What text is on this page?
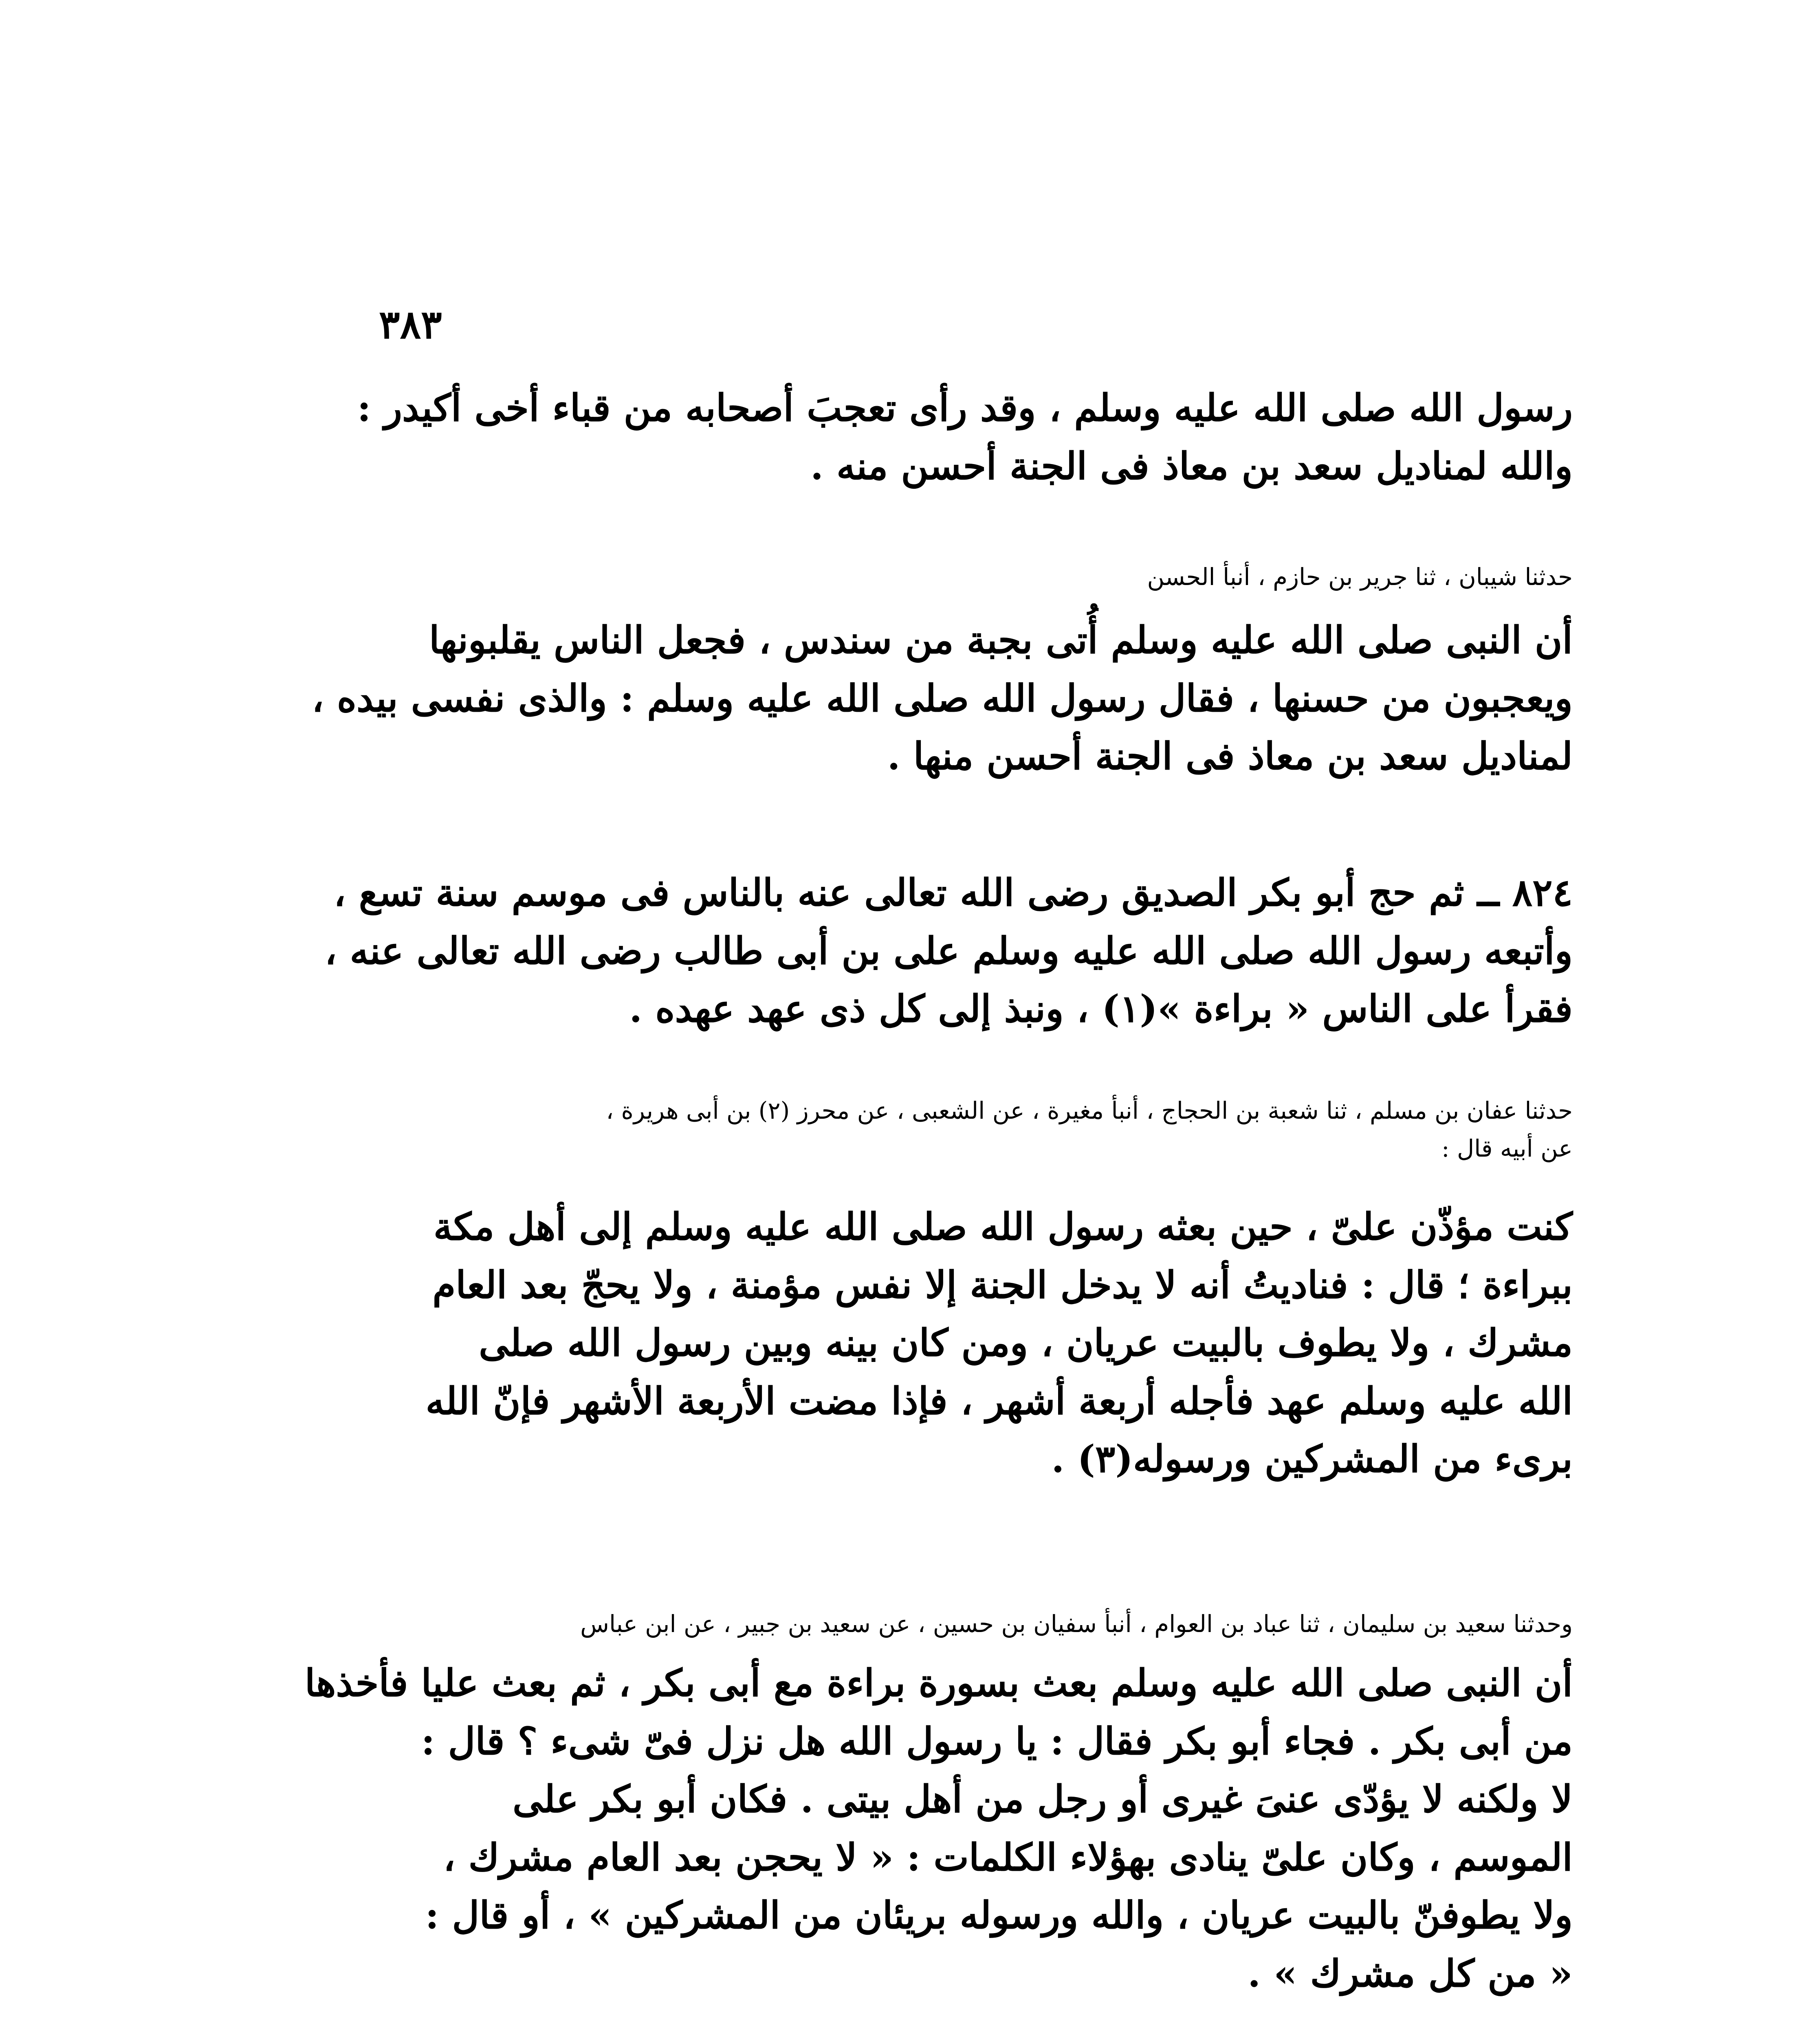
٣٨٣
رسول الله صلى الله عليه وسلم ، وقد رأى تعجبَ أصحابه من قباء أخى أكيدر :
والله لمناديل سعد بن معاذ فى الجنة أحسن منه .
حدثنا شيبان ، ثنا جرير بن حازم ، أنبأ الحسن
أن النبى صلى الله عليه وسلم أُتى بجبة من سندس ، فجعل الناس يقلبونها
ويعجبون من حسنها ، فقال رسول الله صلى الله عليه وسلم : والذى نفسى بيده ،
لمناديل سعد بن معاذ فى الجنة أحسن منها .
٨٢٤ ــ ثم حج أبو بكر الصديق رضى الله تعالى عنه بالناس فى موسم سنة تسع ،
وأتبعه رسول الله صلى الله عليه وسلم على بن أبى طالب رضى الله تعالى عنه ،
فقرأ على الناس « براءة »(١) ، ونبذ إلى كل ذى عهد عهده .
حدثنا عفان بن مسلم ، ثنا شعبة بن الحجاج ، أنبأ مغيرة ، عن الشعبى ، عن محرز (٢) بن أبى هريرة ،
عن أبيه قال :
كنت مؤذّن علىّ ، حين بعثه رسول الله صلى الله عليه وسلم إلى أهل مكة
ببراءة ؛ قال : فناديتُ أنه لا يدخل الجنة إلا نفس مؤمنة ، ولا يحجّ بعد العام
مشرك ، ولا يطوف بالبيت عريان ، ومن كان بينه وبين رسول الله صلى
الله عليه وسلم عهد فأجله أربعة أشهر ، فإذا مضت الأربعة الأشهر فإنّ الله
برىء من المشركين ورسوله(٣) .
وحدثنا سعيد بن سليمان ، ثنا عباد بن العوام ، أنبأ سفيان بن حسين ، عن سعيد بن جبير ، عن ابن عباس
أن النبى صلى الله عليه وسلم بعث بسورة براءة مع أبى بكر ، ثم بعث عليا فأخذها
من أبى بكر . فجاء أبو بكر فقال : يا رسول الله هل نزل فىّ شىء ؟ قال :
لا ولكنه لا يؤدّى عنىَ غيرى أو رجل من أهل بيتى . فكان أبو بكر على
الموسم ، وكان علىّ ينادى بهؤلاء الكلمات : « لا يحجن بعد العام مشرك ،
ولا يطوفنّ بالبيت عريان ، والله ورسوله بريئان من المشركين » ، أو قال :
« من كل مشرك » .
